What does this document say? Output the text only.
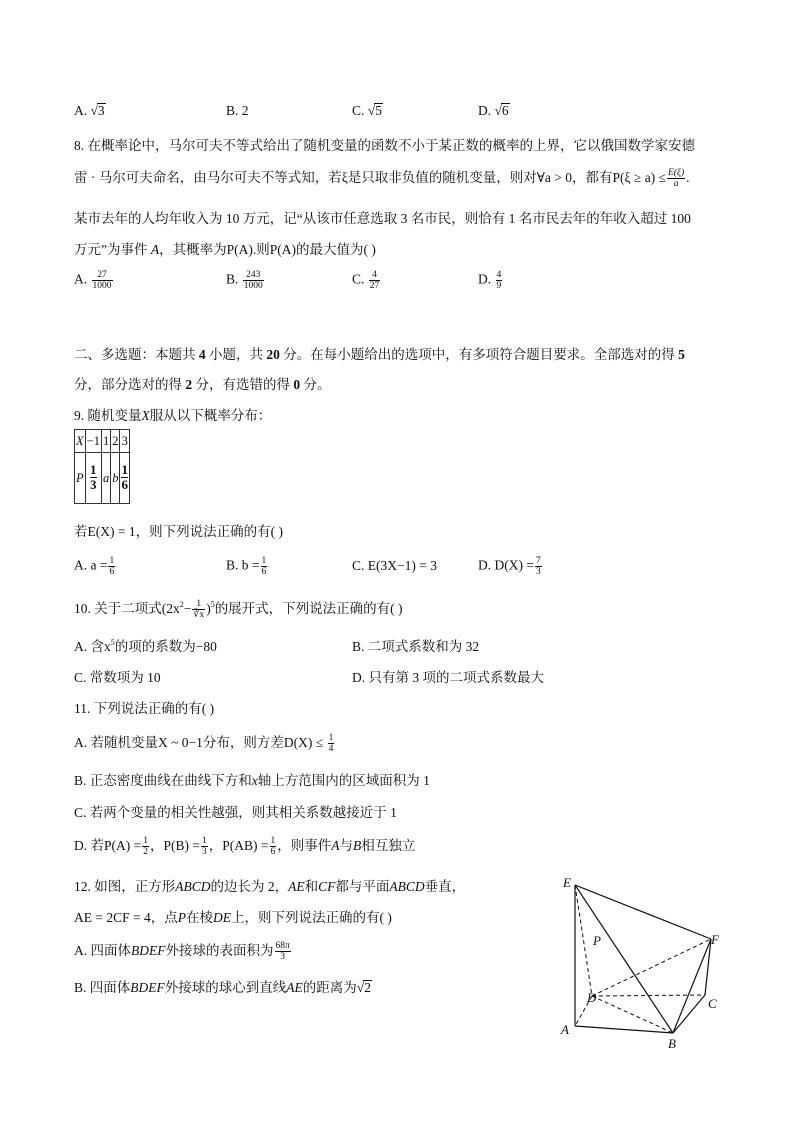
A. √3	B. 2	C. √5	D. √6
8. 在概率论中，马尔可夫不等式给出了随机变量的函数不小于某正数的概率的上界，它以俄国数学家安德
雷 · 马尔可夫命名，由马尔可夫不等式知，若ξ是只取非负值的随机变量，则对∀a > 0，都有$P(\xi \ge a) \le \frac{E(\xi)}{a}$ .
某市去年的人均年收入为 10 万元，记“从该市任意选取 3 名市民，则恰有 1 名市民去年的年收入超过 100
万元”为事件 A，其概率为P(A).则P(A)的最大值为( )
A. $\frac{27}{1000}$	B. $\frac{243}{1000}$	C. $\frac{4}{27}$	D. $\frac{4}{9}$
二、多选题：本题共 4 小题，共 20 分。在每小题给出的选项中，有多项符合题目要求。全部选对的得 5
分，部分选对的得 2 分，有选错的得 0 分。
9. 随机变量X服从以下概率分布：
X	−1	1	2	3
P	$\frac{1}{3}$	a	b	$\frac{1}{6}$
若E(X) = 1，则下列说法正确的有( )
A. $a = \frac{1}{6}$	B. $b = \frac{1}{6}$	C. E(3X−1) = 3	D. $D(X) = \frac{7}{3}$
10. 关于二项式$(2x^2- \frac{1}{∛x} )^5$的展开式，下列说法正确的有( )
A. 含$x^5$的项的系数为−80	B. 二项式系数和为 32
C. 常数项为 10	D. 只有第 3 项的二项式系数最大
11. 下列说法正确的有( )
A. 若随机变量X ~ 0−1分布，则方差$D(X) \le \frac{1}{4}$
B. 正态密度曲线在曲线下方和x轴上方范围内的区域面积为 1
C. 若两个变量的相关性越强，则其相关系数越接近于 1
D. 若$P(A) = \frac{1}{2}$ ，$P(B) = \frac{1}{3}$ ，$P(AB) = \frac{1}{6}$ ，则事件A与B相互独立
12. 如图，正方形ABCD的边长为 2，AE和CF都与平面ABCD垂直，
AE = 2CF = 4，点P在棱DE上，则下列说法正确的有( )
A. 四面体BDEF外接球的表面积为 $\frac{68\pi}{3}$
B. 四面体BDEF外接球的球心到直线AE的距离为√2
E
P	F
D	C
A
B
